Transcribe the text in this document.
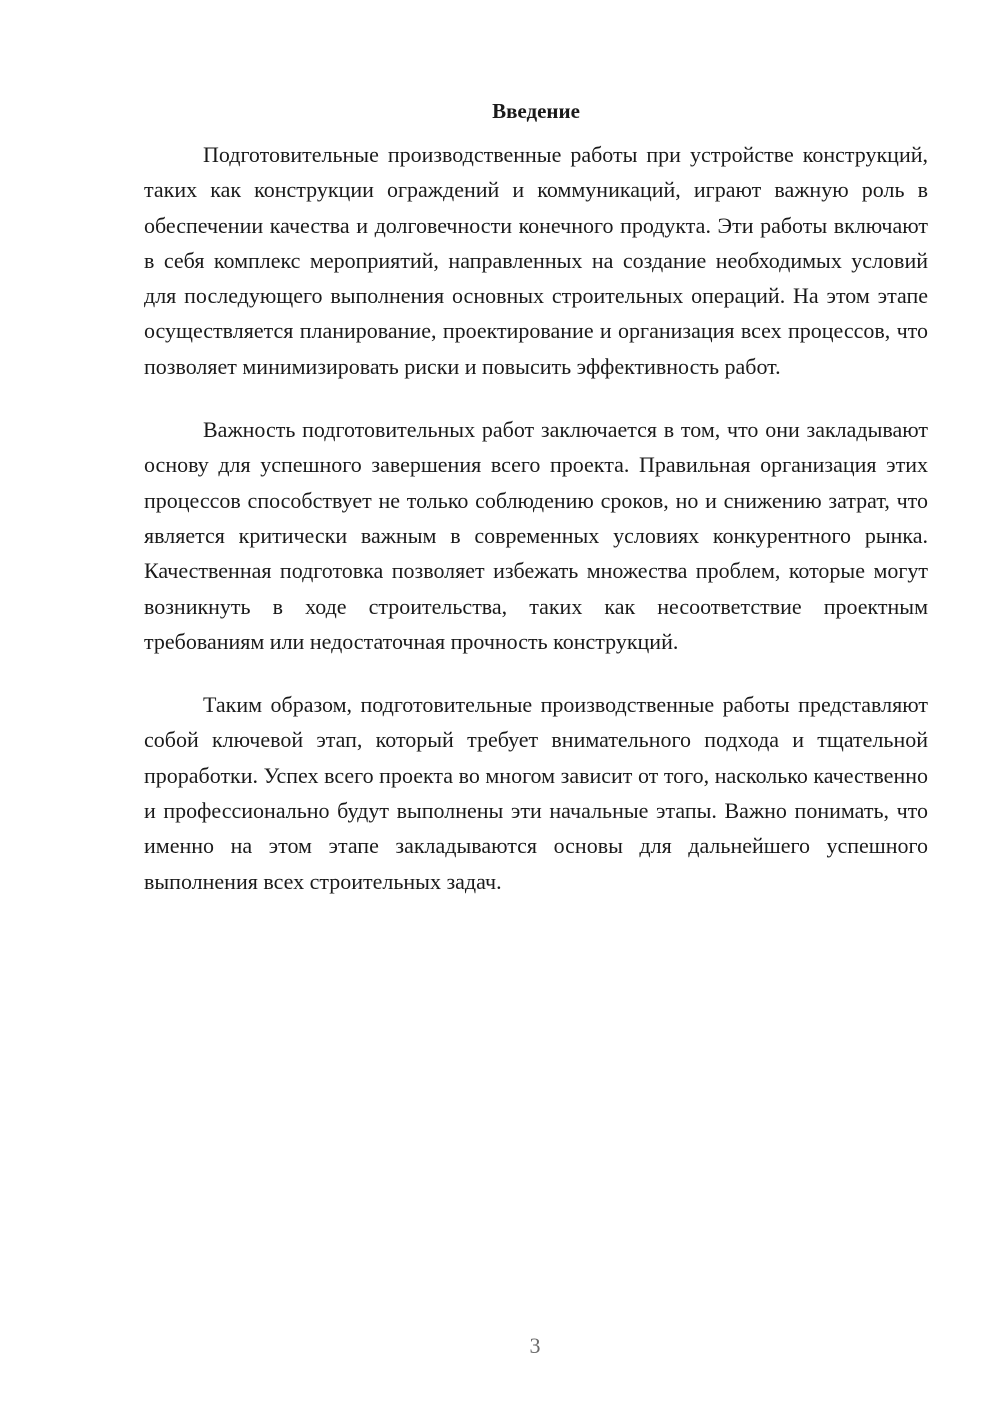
Введение

Подготовительные производственные работы при устройстве конструкций, таких как конструкции ограждений и коммуникаций, играют важную роль в обеспечении качества и долговечности конечного продукта. Эти работы включают в себя комплекс мероприятий, направленных на создание необходимых условий для последующего выполнения основных строительных операций. На этом этапе осуществляется планирование, проектирование и организация всех процессов, что позволяет минимизировать риски и повысить эффективность работ.

Важность подготовительных работ заключается в том, что они закладывают основу для успешного завершения всего проекта. Правильная организация этих процессов способствует не только соблюдению сроков, но и снижению затрат, что является критически важным в современных условиях конкурентного рынка. Качественная подготовка позволяет избежать множества проблем, которые могут возникнуть в ходе строительства, таких как несоответствие проектным требованиям или недостаточная прочность конструкций.

Таким образом, подготовительные производственные работы представляют собой ключевой этап, который требует внимательного подхода и тщательной проработки. Успех всего проекта во многом зависит от того, насколько качественно и профессионально будут выполнены эти начальные этапы. Важно понимать, что именно на этом этапе закладываются основы для дальнейшего успешного выполнения всех строительных задач.

3
